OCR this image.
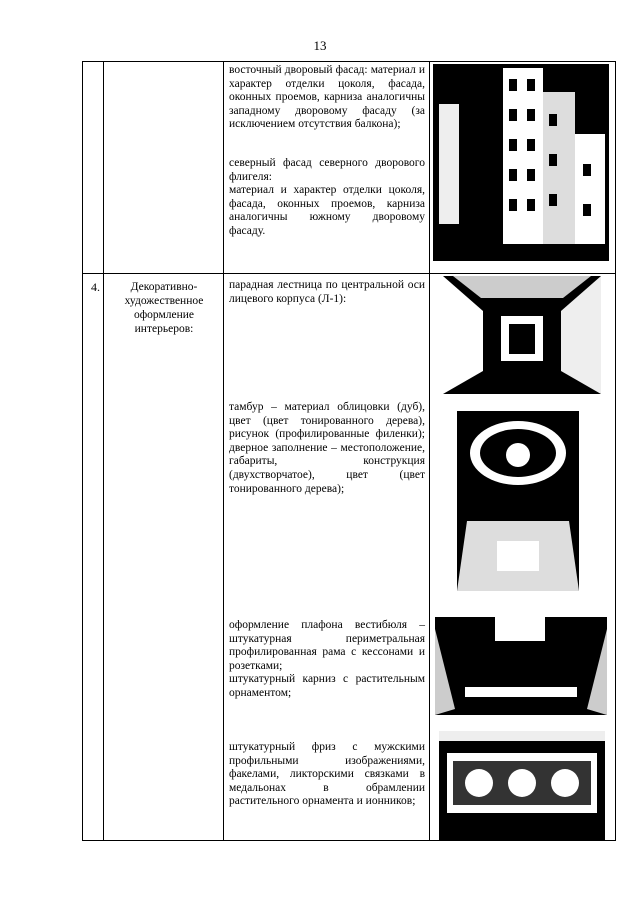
13
восточный дворовый фасад: материал и характер отделки цоколя, фасада, оконных проемов, карниза аналогичны западному дворовому фасаду (за исключением отсутствия балкона);
северный фасад северного дворового флигеля:
материал и характер отделки цоколя, фасада, оконных проемов, карниза аналогичны южному дворовому фасаду.
4.	Декоративно-художественное оформление интерьеров:
парадная лестница по центральной оси лицевого корпуса (Л-1):
тамбур – материал облицовки (дуб), цвет (цвет тонированного дерева), рисунок (профилированные филенки); дверное заполнение – местоположение, габариты, конструкция (двухстворчатое), цвет (цвет тонированного дерева);
оформление плафона вестибюля – штукатурная периметральная профилированная рама с кессонами и розетками;
штукатурный карниз с растительным орнаментом;
штукатурный фриз с мужскими профильными изображениями, факелами, ликторскими связками в медальонах в обрамлении растительного орнамента и ионников;
